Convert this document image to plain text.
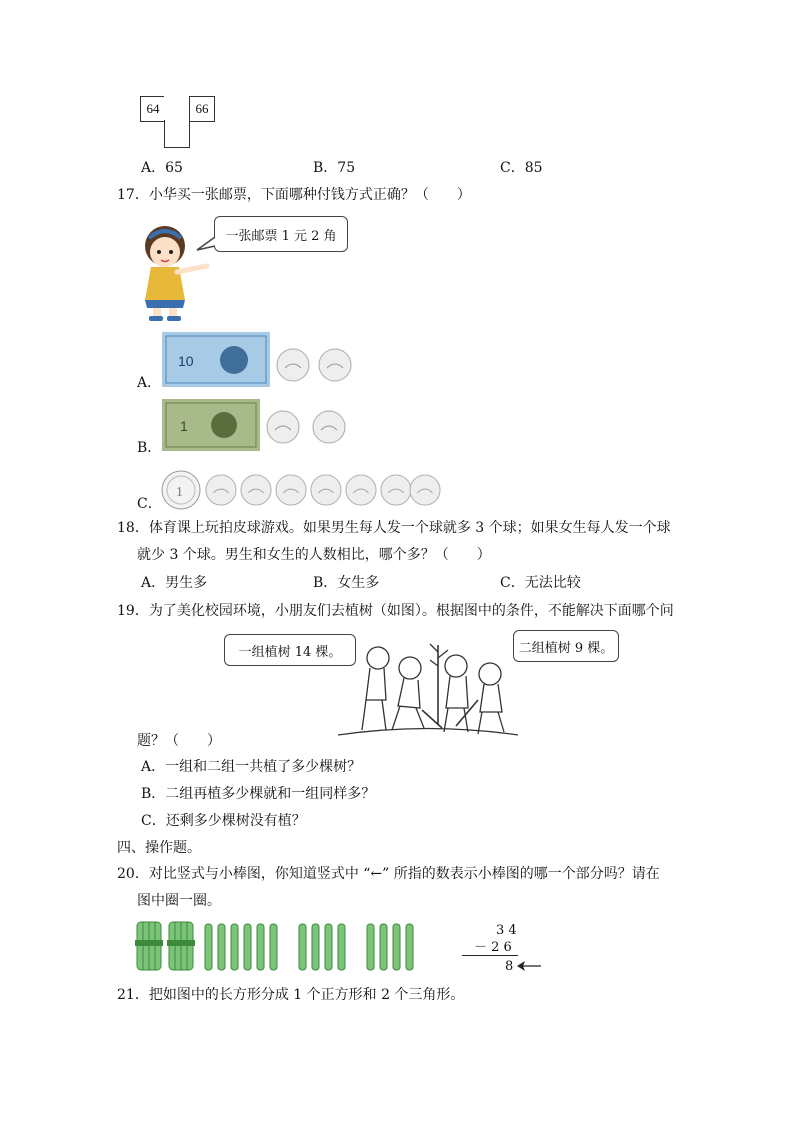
64	66
A．65	B．75	C．85
17．小华买一张邮票，下面哪种付钱方式正确？（　　）
一张邮票 1 元 2 角
A．
10
B．
1
C．
1
18．体育课上玩拍皮球游戏。如果男生每人发一个球就多 3 个球；如果女生每人发一个球
就少 3 个球。男生和女生的人数相比，哪个多？（　　）
A．男生多	B．女生多	C．无法比较
19．为了美化校园环境，小朋友们去植树（如图）。根据图中的条件，不能解决下面哪个问
一组植树 14 棵。	二组植树 9 棵。
题？（　　）
A．一组和二组一共植了多少棵树？
B．二组再植多少棵就和一组同样多？
C．还剩多少棵树没有植？
四、操作题。
20．对比竖式与小棒图，你知道竖式中 “←” 所指的数表示小棒图的哪一个部分吗？请在
图中圈一圈。
3 4
－ 2 6
8
21．把如图中的长方形分成 1 个正方形和 2 个三角形。
